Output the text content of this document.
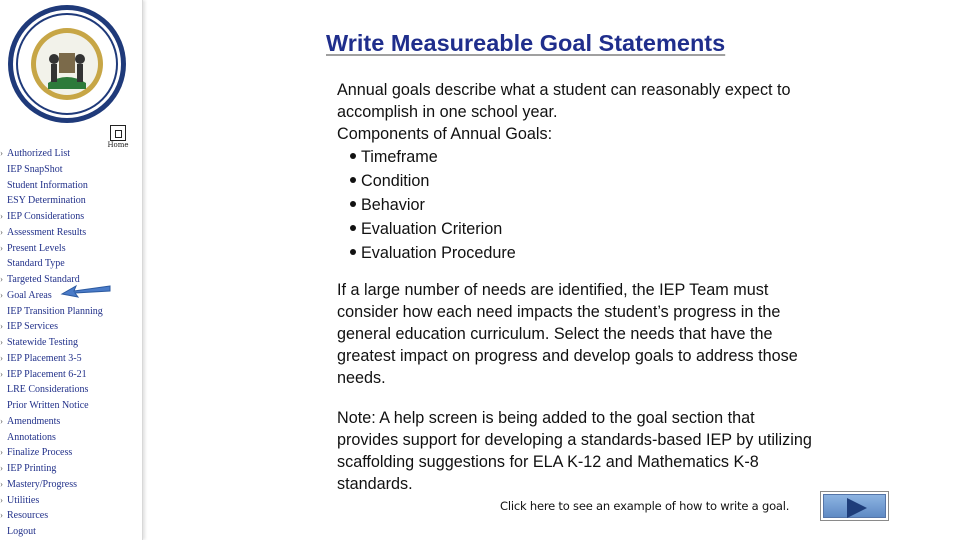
Home
› Authorized List
IEP SnapShot
Student Information
ESY Determination
› IEP Considerations
› Assessment Results
› Present Levels
Standard Type
› Targeted Standard
› Goal Areas
IEP Transition Planning
› IEP Services
› Statewide Testing
› IEP Placement 3-5
› IEP Placement 6-21
LRE Considerations
Prior Written Notice
› Amendments
Annotations
› Finalize Process
› IEP Printing
› Mastery/Progress
› Utilities
› Resources
Logout
Write Measureable Goal Statements

Annual goals describe what a student can reasonably expect to accomplish in one school year.

Components of Annual Goals:

Timeframe
Condition
Behavior
Evaluation Criterion
Evaluation Procedure

If a large number of needs are identified, the IEP Team must consider how each need impacts the student’s progress in the general education curriculum. Select the needs that have the greatest impact on progress and develop goals to address those needs.

Note: A help screen is being added to the goal section that provides support for developing a standards-based IEP by utilizing scaffolding suggestions for ELA K-12 and Mathematics K-8 standards.

Click here to see an example of how to write a goal.
